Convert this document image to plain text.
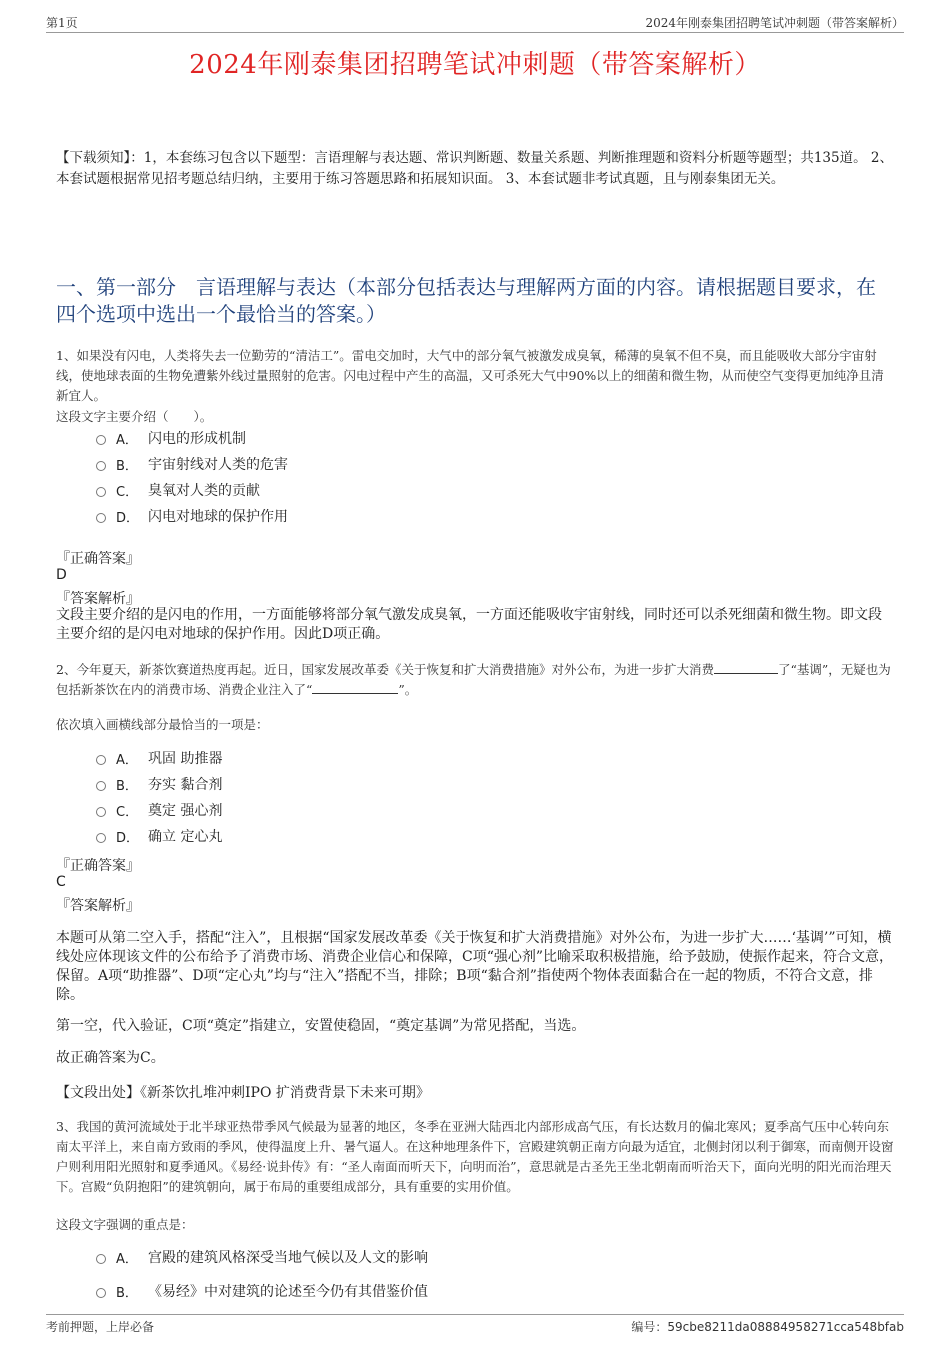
第1页	2024年刚泰集团招聘笔试冲刺题（带答案解析）
2024年刚泰集团招聘笔试冲刺题（带答案解析）
【下载须知】：1，本套练习包含以下题型：言语理解与表达题、常识判断题、数量关系题、判断推理题和资料分析题等题型；共135道。 2、本套试题根据常见招考题总结归纳，主要用于练习答题思路和拓展知识面。 3、本套试题非考试真题，且与刚泰集团无关。
一、第一部分　言语理解与表达（本部分包括表达与理解两方面的内容。请根据题目要求，在四个选项中选出一个最恰当的答案。）
1、如果没有闪电，人类将失去一位勤劳的“清洁工”。雷电交加时，大气中的部分氧气被激发成臭氧，稀薄的臭氧不但不臭，而且能吸收大部分宇宙射线，使地球表面的生物免遭紫外线过量照射的危害。闪电过程中产生的高温，又可杀死大气中90%以上的细菌和微生物，从而使空气变得更加纯净且清新宜人。
这段文字主要介绍（　　）。
A． 闪电的形成机制
B． 宇宙射线对人类的危害
C． 臭氧对人类的贡献
D． 闪电对地球的保护作用
『正确答案』
D
『答案解析』
文段主要介绍的是闪电的作用，一方面能够将部分氧气激发成臭氧，一方面还能吸收宇宙射线，同时还可以杀死细菌和微生物。即文段主要介绍的是闪电对地球的保护作用。因此D项正确。
2、今年夏天，新茶饮赛道热度再起。近日，国家发展改革委《关于恢复和扩大消费措施》对外公布，为进一步扩大消费	了“基调”，无疑也为包括新茶饮在内的消费市场、消费企业注入了“	”。
依次填入画横线部分最恰当的一项是：
A． 巩固 助推器
B． 夯实 黏合剂
C． 奠定 强心剂
D． 确立 定心丸
『正确答案』
C
『答案解析』
本题可从第二空入手，搭配“注入”，且根据“国家发展改革委《关于恢复和扩大消费措施》对外公布，为进一步扩大……‘基调’”可知，横线处应体现该文件的公布给予了消费市场、消费企业信心和保障，C项“强心剂”比喻采取积极措施，给予鼓励，使振作起来，符合文意，保留。A项“助推器”、D项“定心丸”均与“注入”搭配不当，排除；B项“黏合剂”指使两个物体表面黏合在一起的物质，不符合文意，排除。
第一空，代入验证，C项“奠定”指建立，安置使稳固，“奠定基调”为常见搭配，当选。
故正确答案为C。
【文段出处】《新茶饮扎堆冲刺IPO 扩消费背景下未来可期》
3、我国的黄河流域处于北半球亚热带季风气候最为显著的地区，冬季在亚洲大陆西北内部形成高气压，有长达数月的偏北寒风；夏季高气压中心转向东南太平洋上，来自南方致雨的季风，使得温度上升、暑气逼人。在这种地理条件下，宫殿建筑朝正南方向最为适宜，北侧封闭以利于御寒，而南侧开设窗户则利用阳光照射和夏季通风。《易经·说卦传》有：“圣人南面而听天下，向明而治”，意思就是古圣先王坐北朝南而听治天下，面向光明的阳光而治理天下。宫殿“负阴抱阳”的建筑朝向，属于布局的重要组成部分，具有重要的实用价值。
这段文字强调的重点是：
A． 宫殿的建筑风格深受当地气候以及人文的影响
B． 《易经》中对建筑的论述至今仍有其借鉴价值
考前押题，上岸必备	编号：59cbe8211da08884958271cca548bfab
